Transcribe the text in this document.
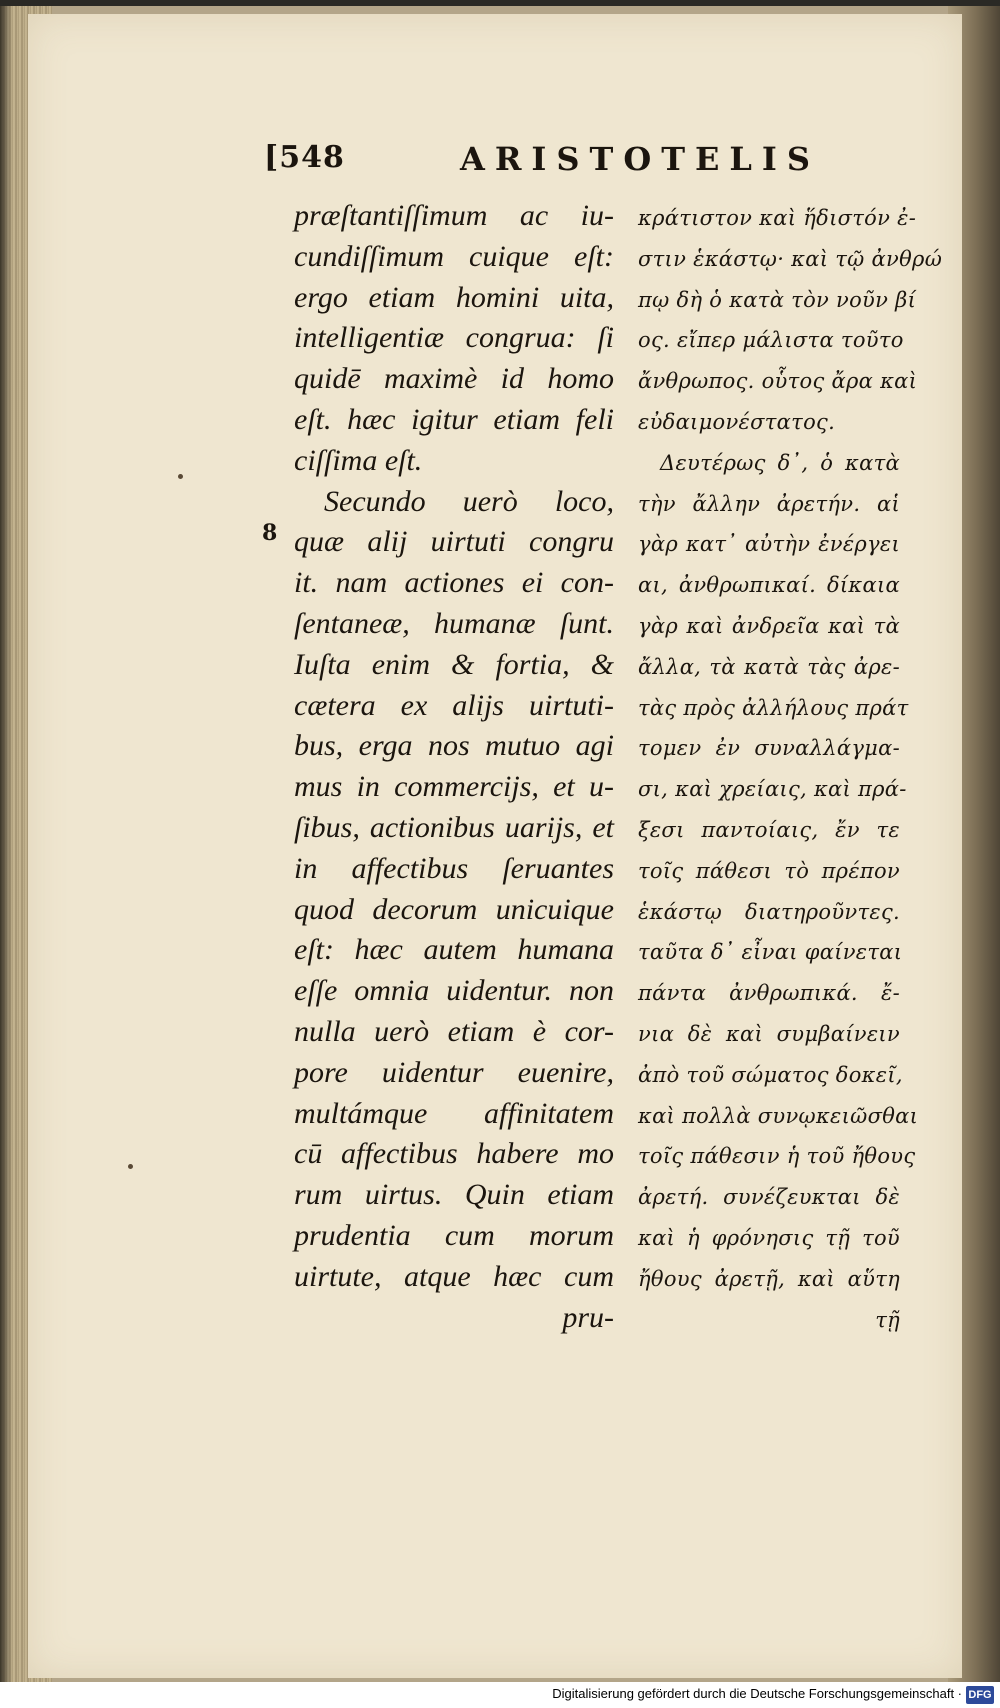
[548	ARISTOTELIS
8
præſtantiſſimum ac iu-
cundiſſimum cuique eſt:
ergo etiam homini uita,
intelligentiæ congrua: ſi
quidē maximè id homo
eſt. hæc igitur etiam feli
ciſſima eſt.
Secundo uerò loco,
quæ alij uirtuti congru
it. nam actiones ei con-
ſentaneæ, humanæ ſunt.
Iuſta enim & fortia, &
cætera ex alijs uirtuti-
bus, erga nos mutuo agi
mus in commercijs, et u-
ſibus, actionibus uarijs, et
in affectibus ſeruantes
quod decorum unicuique
eſt: hæc autem humana
eſſe omnia uidentur. non
nulla uerò etiam è cor-
pore uidentur euenire,
multámque affinitatem
cū affectibus habere mo
rum uirtus. Quin etiam
prudentia cum morum
uirtute, atque hæc cum
pru-
κράτιστον καὶ ἥδιστόν ἐ-
στιν ἑκάστῳ· καὶ τῷ ἀνθρώ
πῳ δὴ ὁ κατὰ τὸν νοῦν βί
ος. εἴπερ μάλιστα τοῦτο
ἄνθρωπος. οὗτος ἄρα καὶ
εὐδαιμονέστατος.
Δευτέρως δ᾽, ὁ κατὰ
τὴν ἄλλην ἀρετήν. αἱ
γὰρ κατ᾽ αὐτὴν ἐνέργει
αι, ἀνθρωπικαί. δίκαια
γὰρ καὶ ἀνδρεῖα καὶ τὰ
ἄλλα, τὰ κατὰ τὰς ἀρε-
τὰς πρὸς ἀλλήλους πράτ
τομεν ἐν συναλλάγμα-
σι, καὶ χρείαις, καὶ πρά-
ξεσι παντοίαις, ἔν τε
τοῖς πάθεσι τὸ πρέπον
ἑκάστῳ διατηροῦντες.
ταῦτα δ᾽ εἶναι φαίνεται
πάντα ἀνθρωπικά. ἔ-
νια δὲ καὶ συμβαίνειν
ἀπὸ τοῦ σώματος δοκεῖ,
καὶ πολλὰ συνῳκειῶσθαι
τοῖς πάθεσιν ἡ τοῦ ἤθους
ἀρετή. συνέζευκται δὲ
καὶ ἡ φρόνησις τῇ τοῦ
ἤθους ἀρετῇ, καὶ αὕτη
τῇ
Digitalisierung gefördert durch die Deutsche Forschungsgemeinschaft · DFG
